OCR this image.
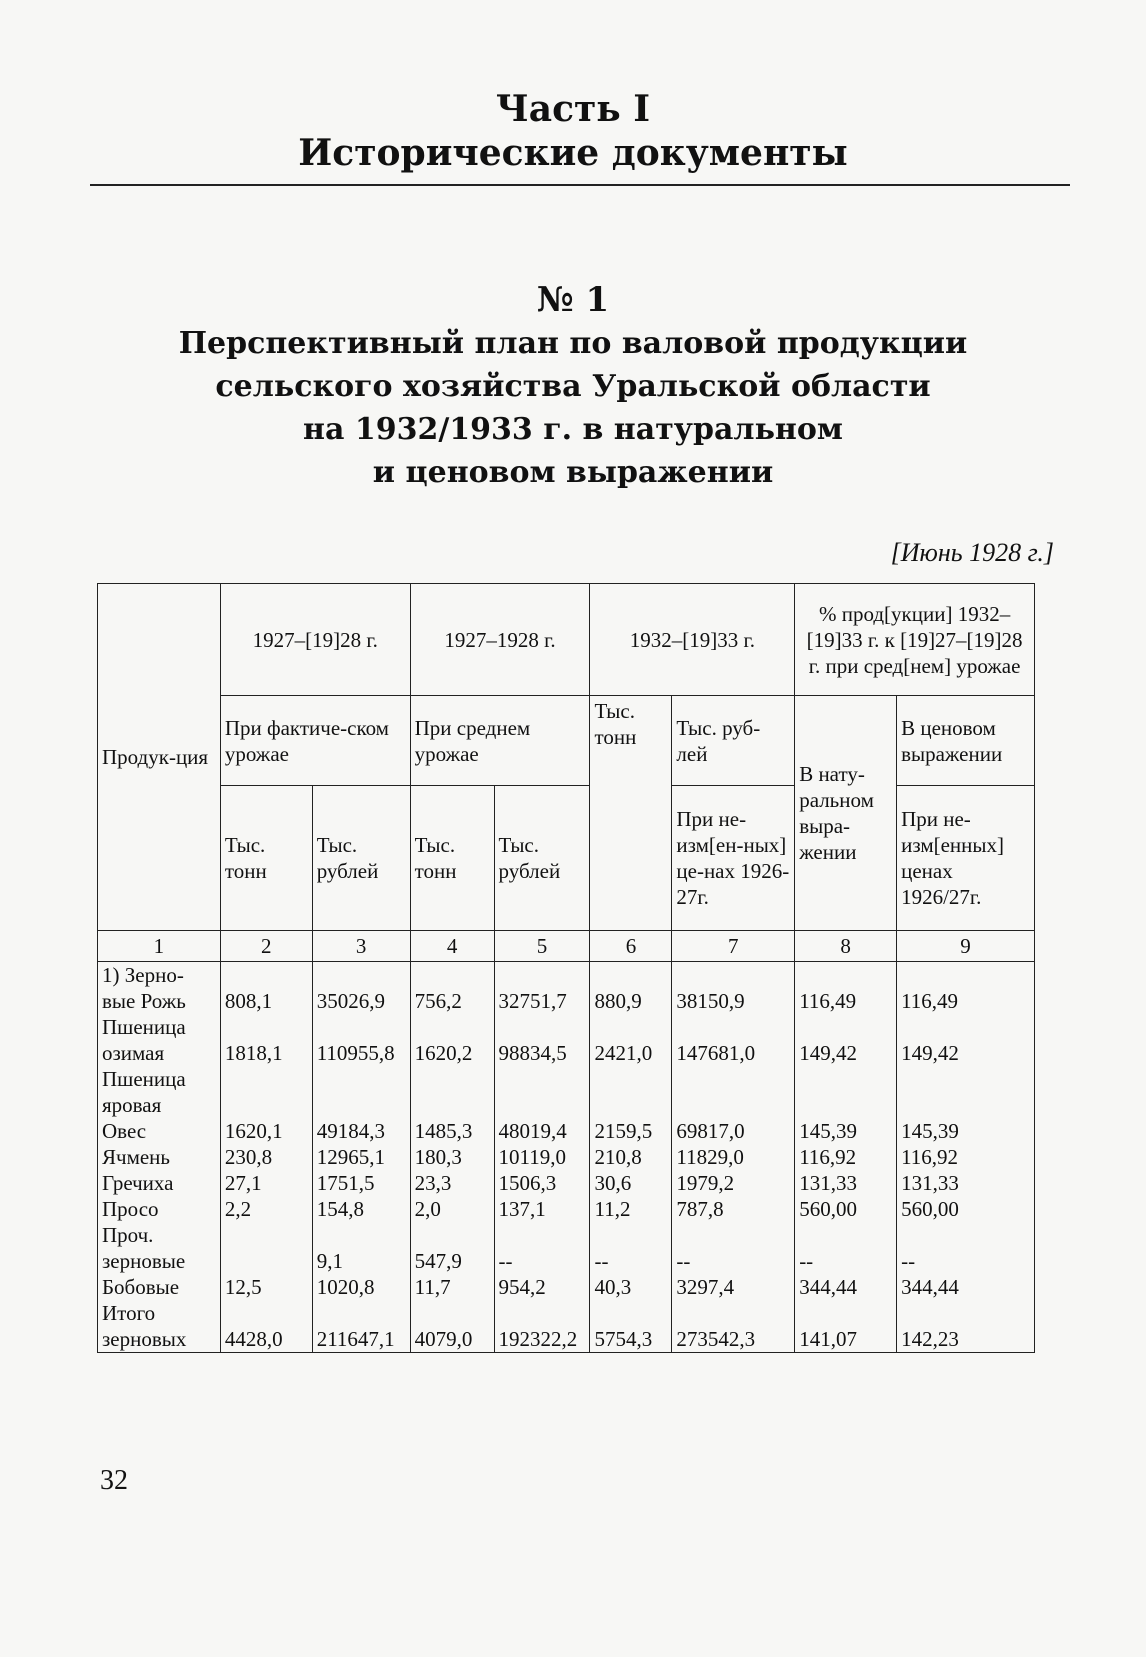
Часть I
Исторические документы
№ 1
Перспективный план по валовой продукции
сельского хозяйства Уральской области
на 1932/1933 г. в натуральном
и ценовом выражении
[Июнь 1928 г.]
Продук-ция	1927–[19]28 г.		1927–1928 г.		1932–[19]33 г.		% прод[укции] 1932–[19]33 г. к [19]27–[19]28 г. при сред[нем] урожае	
	При фактиче-ском урожае		При среднем урожае		Тыс. тонн	Тыс. руб-лей	В нату-ральном выра-жении	В ценовом выражении
	Тыс. тонн	Тыс. рублей	Тыс. тонн	Тыс. рублей		При не-изм[ен-ных] це-нах 1926-27г.		При не-изм[енных] ценах 1926/27г.
1	2	3	4	5	6	7	8	9
1) Зерно-вые Рожь	808,1	35026,9	756,2	32751,7	880,9	38150,9	116,49	116,49
Пшеница озимая	1818,1	110955,8	1620,2	98834,5	2421,0	147681,0	149,42	149,42
Пшеница яровая								
Овес	1620,1	49184,3	1485,3	48019,4	2159,5	69817,0	145,39	145,39
Ячмень	230,8	12965,1	180,3	10119,0	210,8	11829,0	116,92	116,92
Гречиха	27,1	1751,5	23,3	1506,3	30,6	1979,2	131,33	131,33
Просо	2,2	154,8	2,0	137,1	11,2	787,8	560,00	560,00
Проч. зерновые		9,1	547,9	--	--	--	--	--
Бобовые	12,5	1020,8	11,7	954,2	40,3	3297,4	344,44	344,44
Итого зерновых	4428,0	211647,1	4079,0	192322,2	5754,3	273542,3	141,07	142,23
32
